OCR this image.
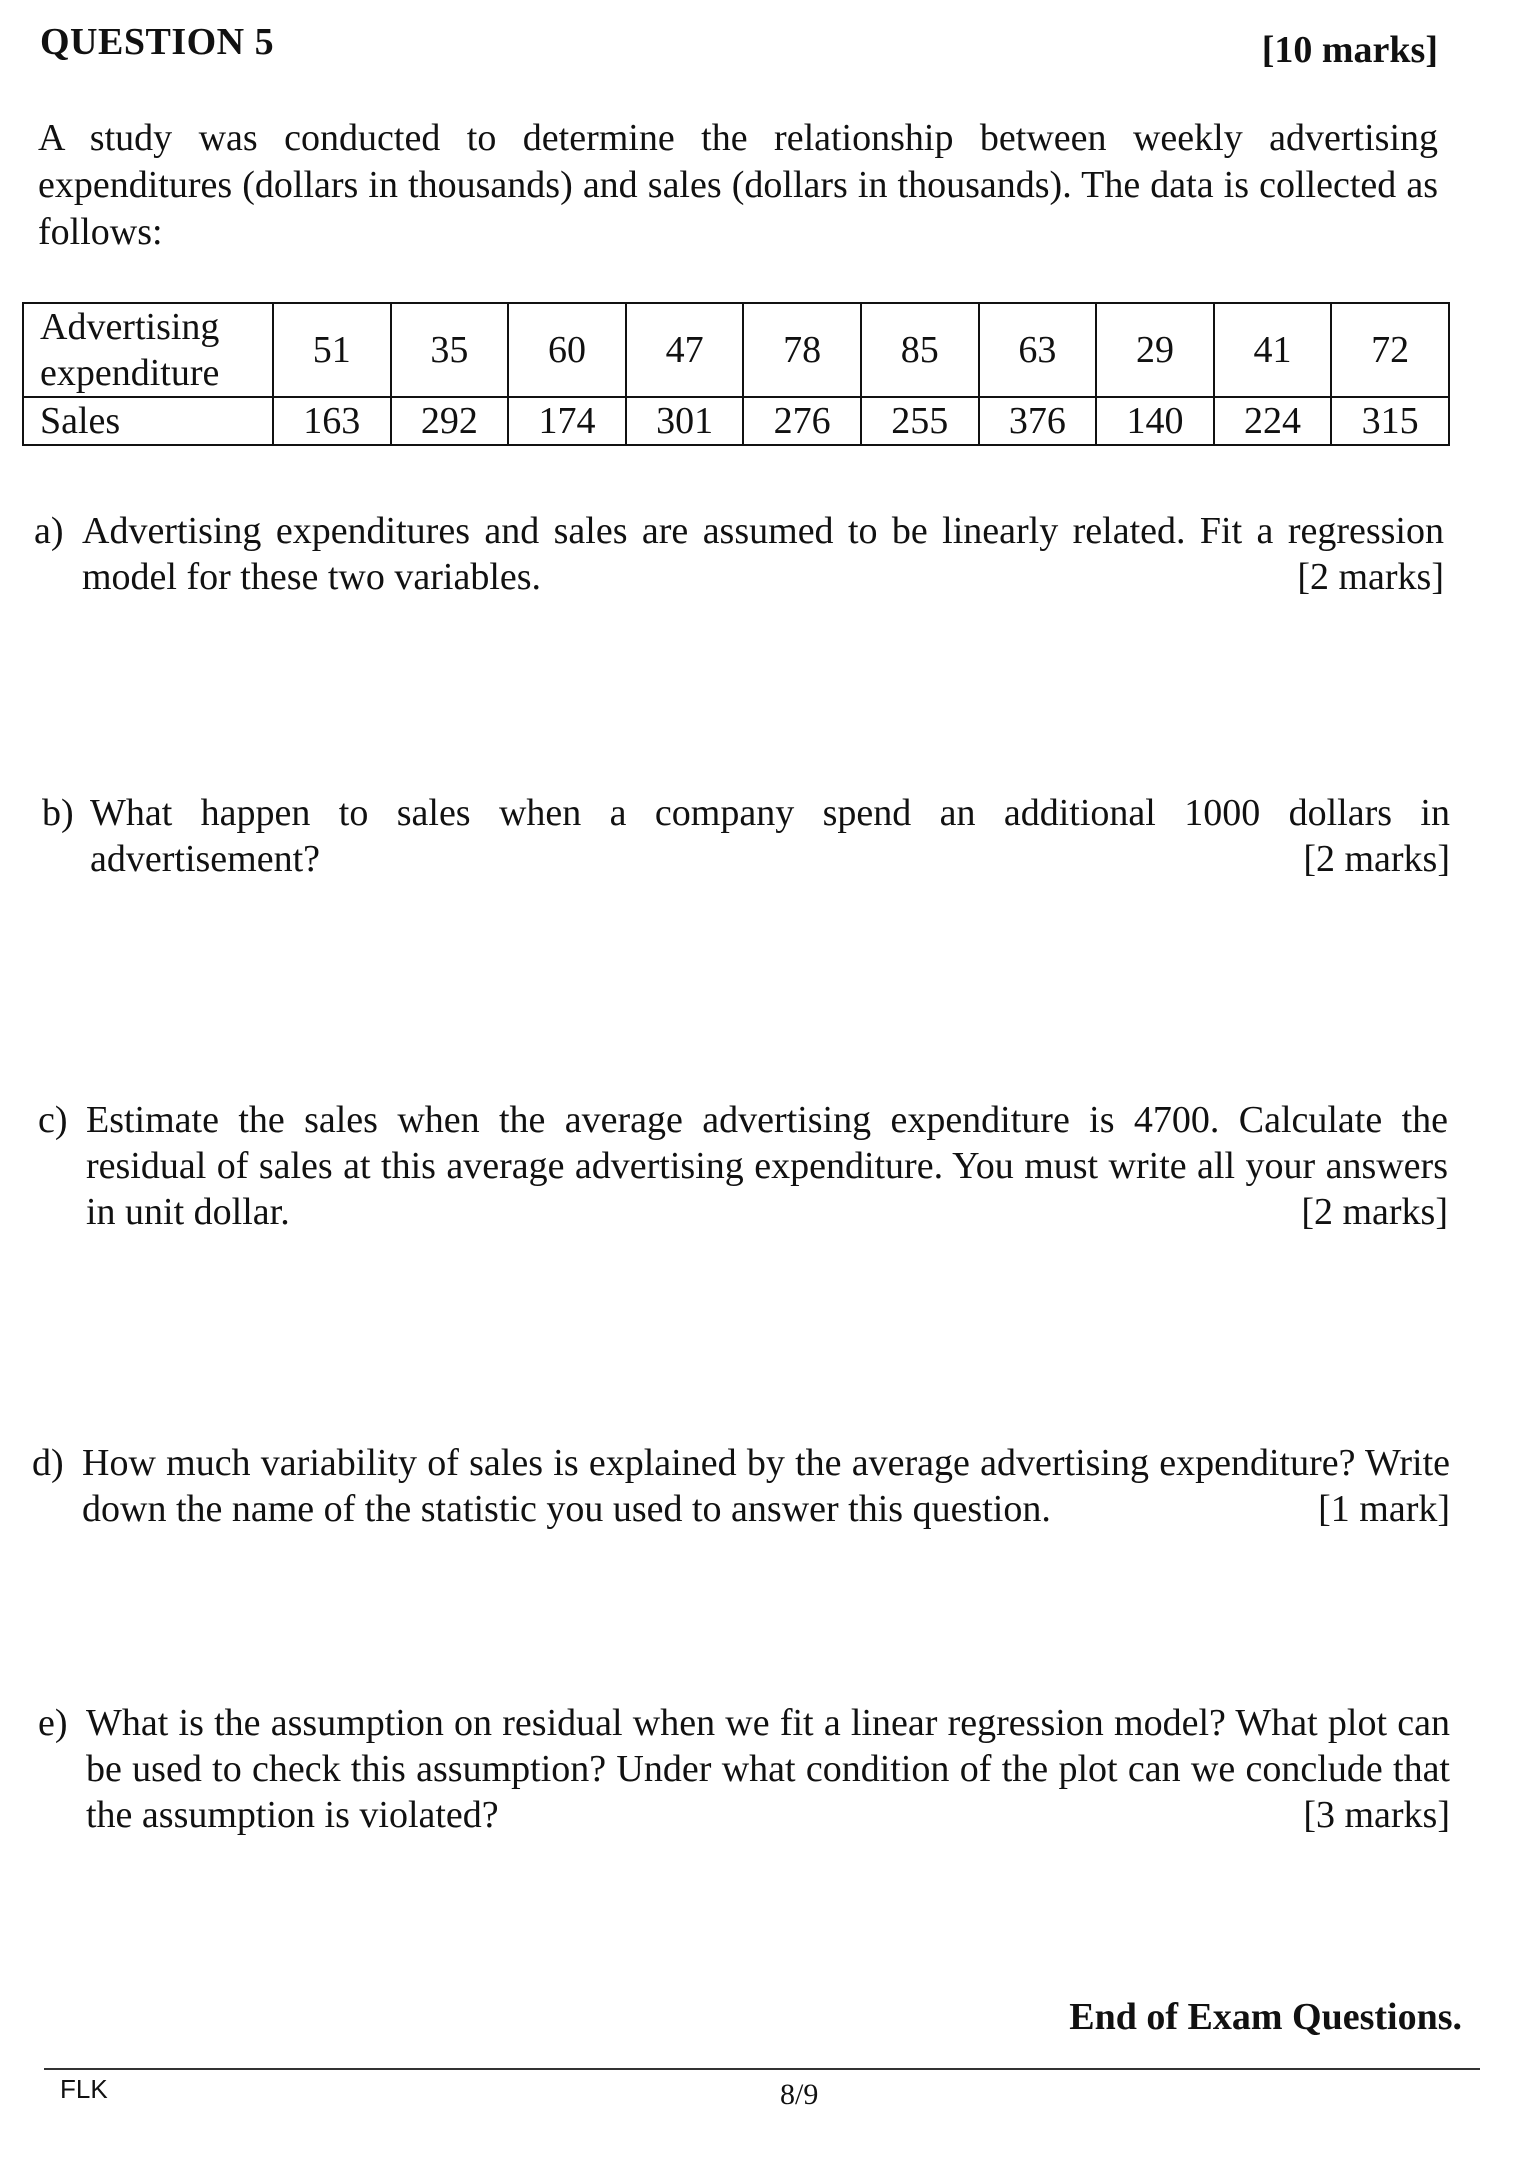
QUESTION 5	[10 marks]
A study was conducted to determine the relationship between weekly advertising expenditures (dollars in thousands) and sales (dollars in thousands). The data is collected as follows:
Advertising expenditure	51	35	60	47	78	85	63	29	41	72
Sales	163	292	174	301	276	255	376	140	224	315
a) Advertising expenditures and sales are assumed to be linearly related. Fit a regression model for these two variables.	[2 marks]
b) What happen to sales when a company spend an additional 1000 dollars in advertisement?	[2 marks]
c) Estimate the sales when the average advertising expenditure is 4700. Calculate the residual of sales at this average advertising expenditure. You must write all your answers in unit dollar.	[2 marks]
d) How much variability of sales is explained by the average advertising expenditure? Write down the name of the statistic you used to answer this question.	[1 mark]
e) What is the assumption on residual when we fit a linear regression model? What plot can be used to check this assumption? Under what condition of the plot can we conclude that the assumption is violated?	[3 marks]
End of Exam Questions.
FLK	8/9
